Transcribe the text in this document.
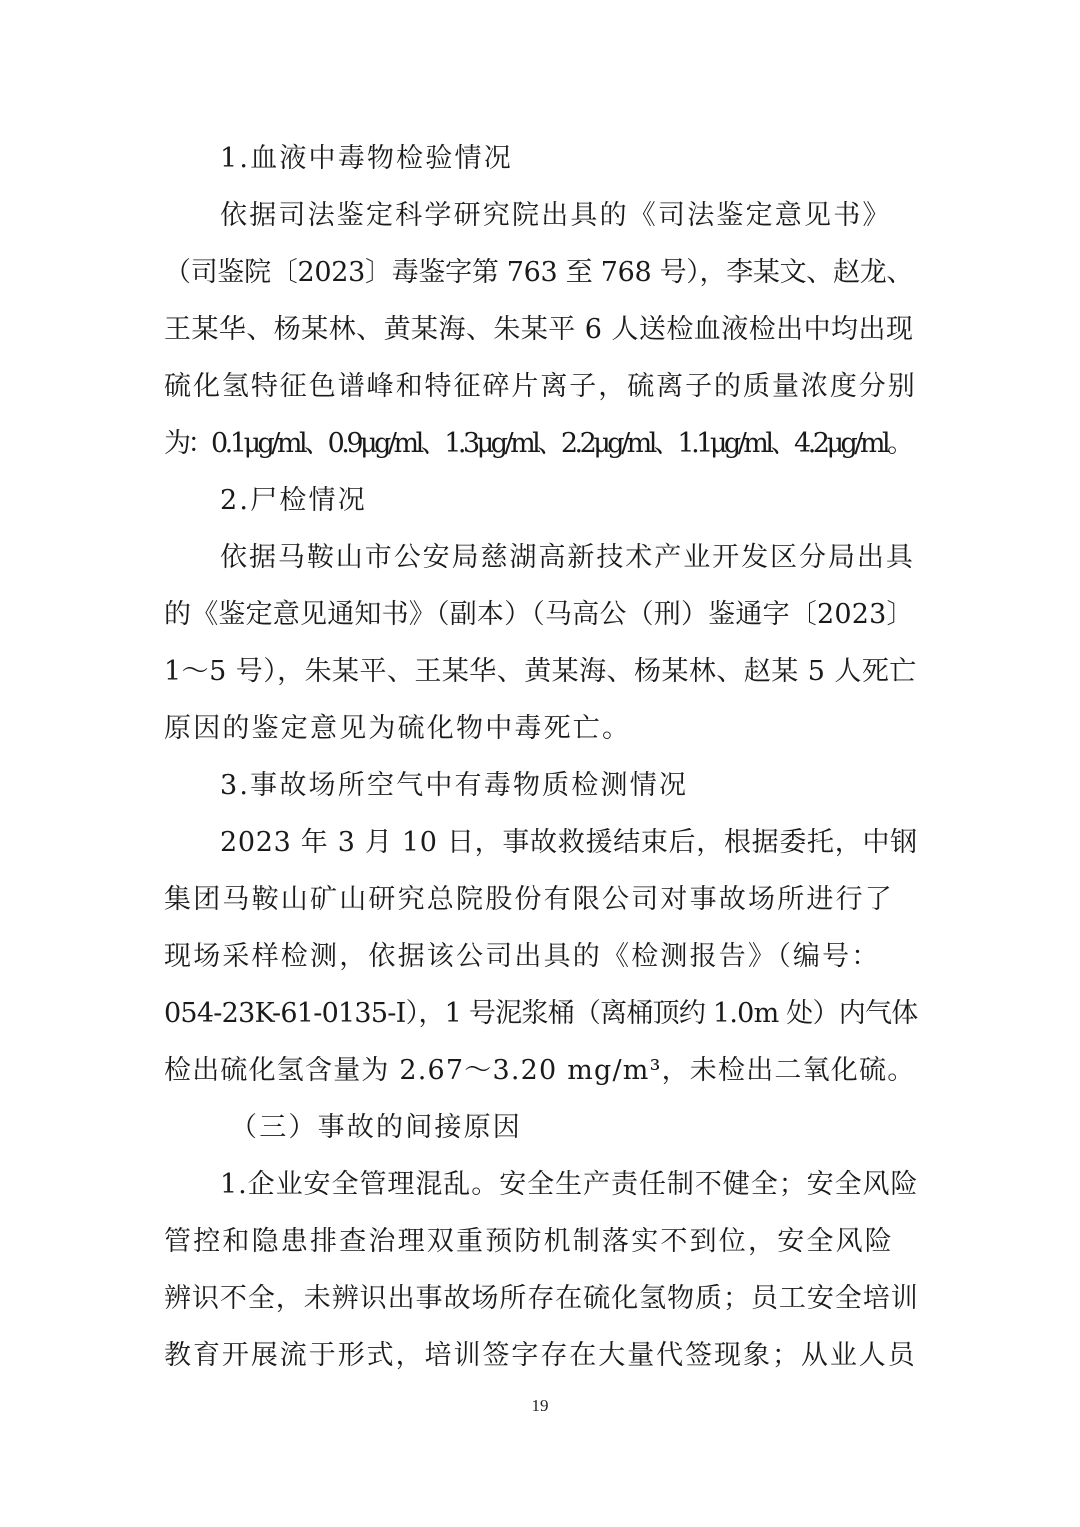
1.血液中毒物检验情况
依据司法鉴定科学研究院出具的《司法鉴定意见书》
（司鉴院〔2023〕毒鉴字第 763 至 768 号），李某文、赵龙、
王某华、杨某林、黄某海、朱某平 6 人送检血液检出中均出现
硫化氢特征色谱峰和特征碎片离子，硫离子的质量浓度分别
为：0.1μg/ml、0.9μg/ml、1.3μg/ml、2.2μg/ml、1.1μg/ml、4.2μg/ml。
2.尸检情况
依据马鞍山市公安局慈湖高新技术产业开发区分局出具
的《鉴定意见通知书》（副本）（马高公（刑）鉴通字〔2023〕
1～5 号），朱某平、王某华、黄某海、杨某林、赵某 5 人死亡
原因的鉴定意见为硫化物中毒死亡。
3.事故场所空气中有毒物质检测情况
2023 年 3 月 10 日，事故救援结束后，根据委托，中钢
集团马鞍山矿山研究总院股份有限公司对事故场所进行了
现场采样检测，依据该公司出具的《检测报告》（编号：
054-23K-61-0135-I），1 号泥浆桶（离桶顶约 1.0m 处）内气体
检出硫化氢含量为 2.67～3.20 mg/m³，未检出二氧化硫。
（三）事故的间接原因
1.企业安全管理混乱。安全生产责任制不健全；安全风险
管控和隐患排查治理双重预防机制落实不到位，安全风险
辨识不全，未辨识出事故场所存在硫化氢物质；员工安全培训
教育开展流于形式，培训签字存在大量代签现象；从业人员
19
